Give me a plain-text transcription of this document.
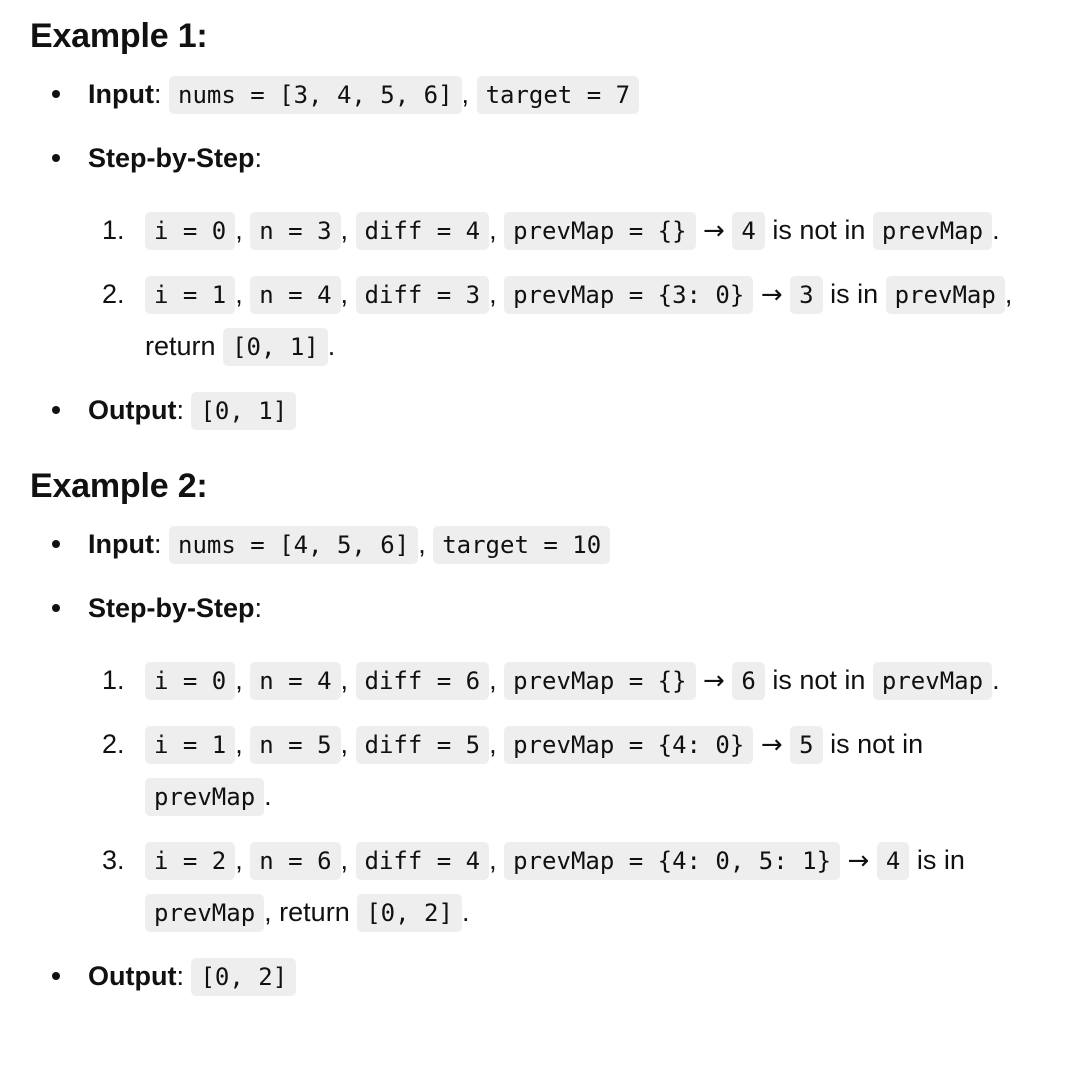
Example 1:
Input: nums = [3, 4, 5, 6] , target = 7
Step-by-Step:
1.	i = 0 , n = 3 , diff = 4 , prevMap = {} → 4 is not in prevMap .
2.	i = 1 , n = 4 , diff = 3 , prevMap = {3: 0} → 3 is in prevMap ,
return [0, 1] .
Output: [0, 1]
Example 2:
Input: nums = [4, 5, 6] , target = 10
Step-by-Step:
1.	i = 0 , n = 4 , diff = 6 , prevMap = {} → 6 is not in prevMap .
2.	i = 1 , n = 5 , diff = 5 , prevMap = {4: 0} → 5 is not in
prevMap .
3.	i = 2 , n = 6 , diff = 4 , prevMap = {4: 0, 5: 1} → 4 is in
prevMap , return [0, 2] .
Output: [0, 2]
